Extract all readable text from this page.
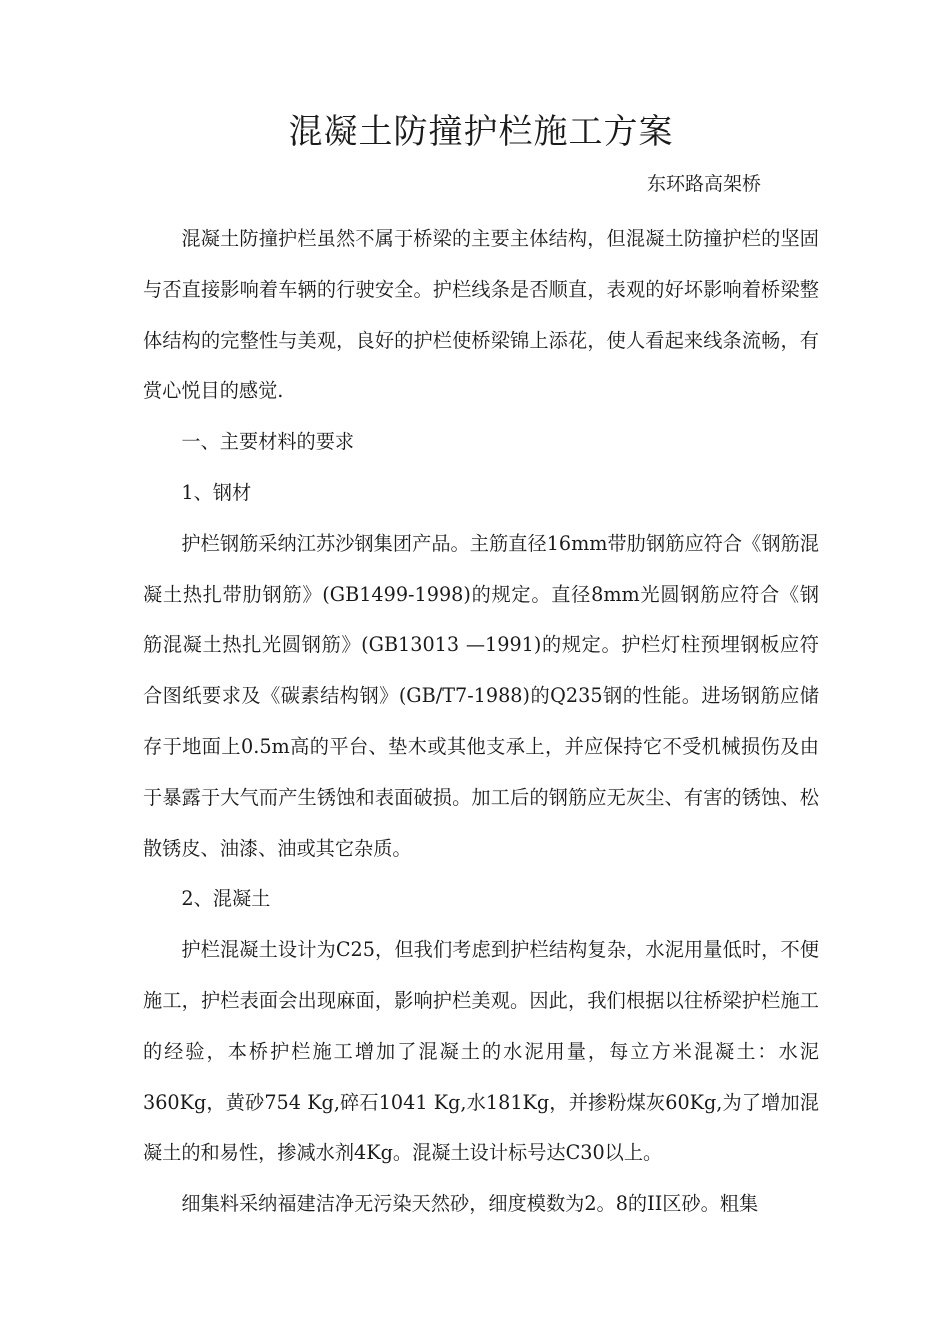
混凝土防撞护栏施工方案

东环路高架桥

混凝土防撞护栏虽然不属于桥梁的主要主体结构，但混凝土防撞护栏的坚固与否直接影响着车辆的行驶安全。护栏线条是否顺直，表观的好坏影响着桥梁整体结构的完整性与美观，良好的护栏使桥梁锦上添花，使人看起来线条流畅，有赏心悦目的感觉.

一、主要材料的要求

1、钢材

护栏钢筋采纳江苏沙钢集团产品。主筋直径16mm带肋钢筋应符合《钢筋混凝土热扎带肋钢筋》(GB1499-1998)的规定。直径8mm光圆钢筋应符合《钢筋混凝土热扎光圆钢筋》(GB13013 —1991)的规定。护栏灯柱预埋钢板应符合图纸要求及《碳素结构钢》(GB/T7-1988)的Q235钢的性能。进场钢筋应储存于地面上0.5m高的平台、垫木或其他支承上，并应保持它不受机械损伤及由于暴露于大气而产生锈蚀和表面破损。加工后的钢筋应无灰尘、有害的锈蚀、松散锈皮、油漆、油或其它杂质。

2、混凝土

护栏混凝土设计为C25，但我们考虑到护栏结构复杂，水泥用量低时，不便施工，护栏表面会出现麻面，影响护栏美观。因此，我们根据以往桥梁护栏施工的经验，本桥护栏施工增加了混凝土的水泥用量，每立方米混凝土：水泥360Kg，黄砂754 Kg,碎石1041 Kg,水181Kg，并掺粉煤灰60Kg,为了增加混凝土的和易性，掺减水剂4Kg。混凝土设计标号达C30以上。

细集料采纳福建洁净无污染天然砂，细度模数为2。8的II区砂。粗集
